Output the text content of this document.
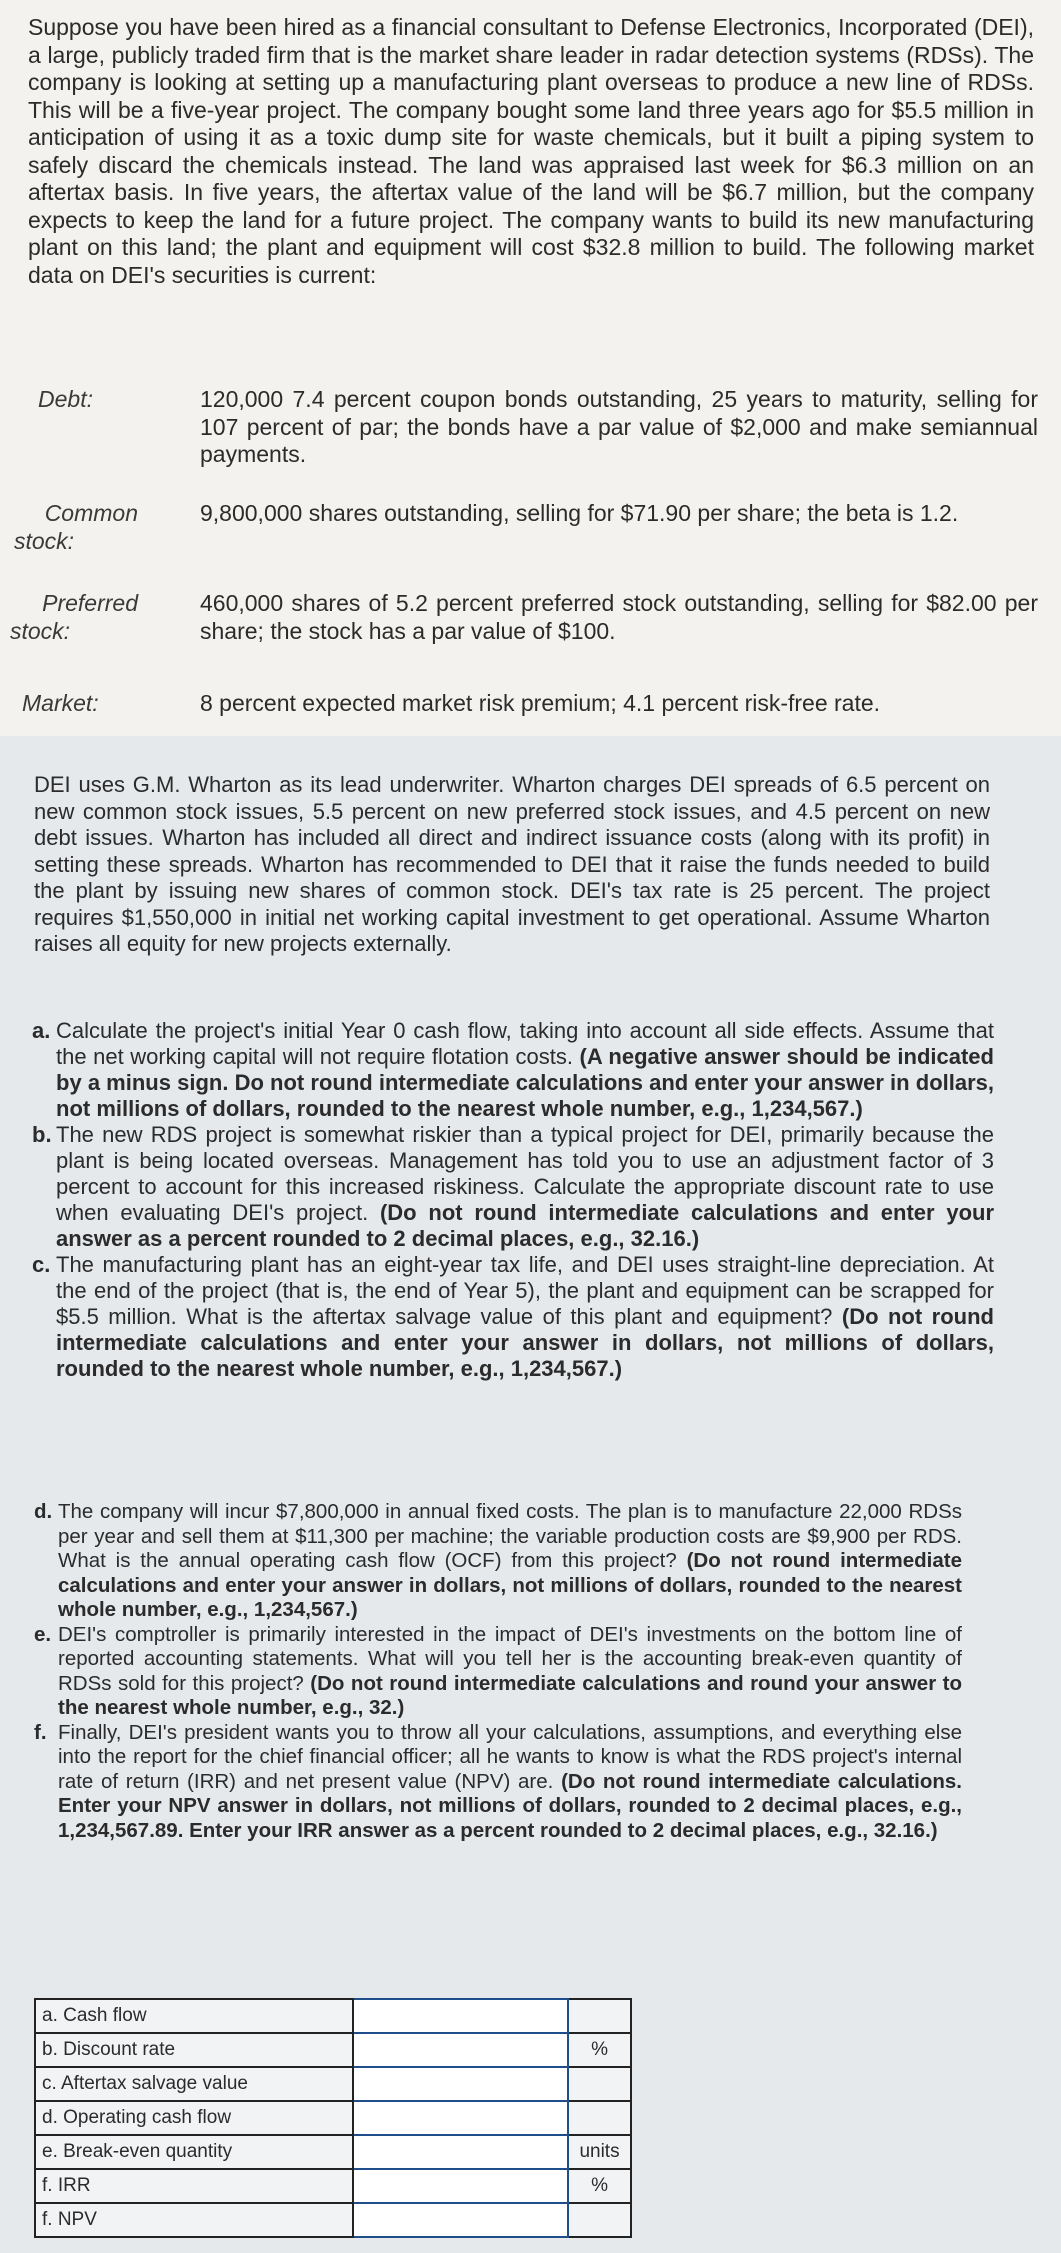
Suppose you have been hired as a financial consultant to Defense Electronics, Incorporated (DEI), a large, publicly traded firm that is the market share leader in radar detection systems (RDSs). The company is looking at setting up a manufacturing plant overseas to produce a new line of RDSs. This will be a five-year project. The company bought some land three years ago for $5.5 million in anticipation of using it as a toxic dump site for waste chemicals, but it built a piping system to safely discard the chemicals instead. The land was appraised last week for $6.3 million on an aftertax basis. In five years, the aftertax value of the land will be $6.7 million, but the company expects to keep the land for a future project. The company wants to build its new manufacturing plant on this land; the plant and equipment will cost $32.8 million to build. The following market data on DEI's securities is current:
Debt:	120,000 7.4 percent coupon bonds outstanding, 25 years to maturity, selling for 107 percent of par; the bonds have a par value of $2,000 and make semiannual payments.
Common
stock:
9,800,000 shares outstanding, selling for $71.90 per share; the beta is 1.2.
Preferred
stock:
460,000 shares of 5.2 percent preferred stock outstanding, selling for $82.00 per share; the stock has a par value of $100.
Market:	8 percent expected market risk premium; 4.1 percent risk-free rate.
DEI uses G.M. Wharton as its lead underwriter. Wharton charges DEI spreads of 6.5 percent on new common stock issues, 5.5 percent on new preferred stock issues, and 4.5 percent on new debt issues. Wharton has included all direct and indirect issuance costs (along with its profit) in setting these spreads. Wharton has recommended to DEI that it raise the funds needed to build the plant by issuing new shares of common stock. DEI's tax rate is 25 percent. The project requires $1,550,000 in initial net working capital investment to get operational. Assume Wharton raises all equity for new projects externally.
a. Calculate the project's initial Year 0 cash flow, taking into account all side effects. Assume that the net working capital will not require flotation costs. (A negative answer should be indicated by a minus sign. Do not round intermediate calculations and enter your answer in dollars, not millions of dollars, rounded to the nearest whole number, e.g., 1,234,567.)
b. The new RDS project is somewhat riskier than a typical project for DEI, primarily because the plant is being located overseas. Management has told you to use an adjustment factor of 3 percent to account for this increased riskiness. Calculate the appropriate discount rate to use when evaluating DEI's project. (Do not round intermediate calculations and enter your answer as a percent rounded to 2 decimal places, e.g., 32.16.)
c. The manufacturing plant has an eight-year tax life, and DEI uses straight-line depreciation. At the end of the project (that is, the end of Year 5), the plant and equipment can be scrapped for $5.5 million. What is the aftertax salvage value of this plant and equipment? (Do not round intermediate calculations and enter your answer in dollars, not millions of dollars, rounded to the nearest whole number, e.g., 1,234,567.)
d. The company will incur $7,800,000 in annual fixed costs. The plan is to manufacture 22,000 RDSs per year and sell them at $11,300 per machine; the variable production costs are $9,900 per RDS. What is the annual operating cash flow (OCF) from this project? (Do not round intermediate calculations and enter your answer in dollars, not millions of dollars, rounded to the nearest whole number, e.g., 1,234,567.)
e. DEI's comptroller is primarily interested in the impact of DEI's investments on the bottom line of reported accounting statements. What will you tell her is the accounting break-even quantity of RDSs sold for this project? (Do not round intermediate calculations and round your answer to the nearest whole number, e.g., 32.)
f. Finally, DEI's president wants you to throw all your calculations, assumptions, and everything else into the report for the chief financial officer; all he wants to know is what the RDS project's internal rate of return (IRR) and net present value (NPV) are. (Do not round intermediate calculations. Enter your NPV answer in dollars, not millions of dollars, rounded to 2 decimal places, e.g., 1,234,567.89. Enter your IRR answer as a percent rounded to 2 decimal places, e.g., 32.16.)
a. Cash flow		
b. Discount rate		%
c. Aftertax salvage value		
d. Operating cash flow		
e. Break-even quantity		units
f. IRR		%
f. NPV		
